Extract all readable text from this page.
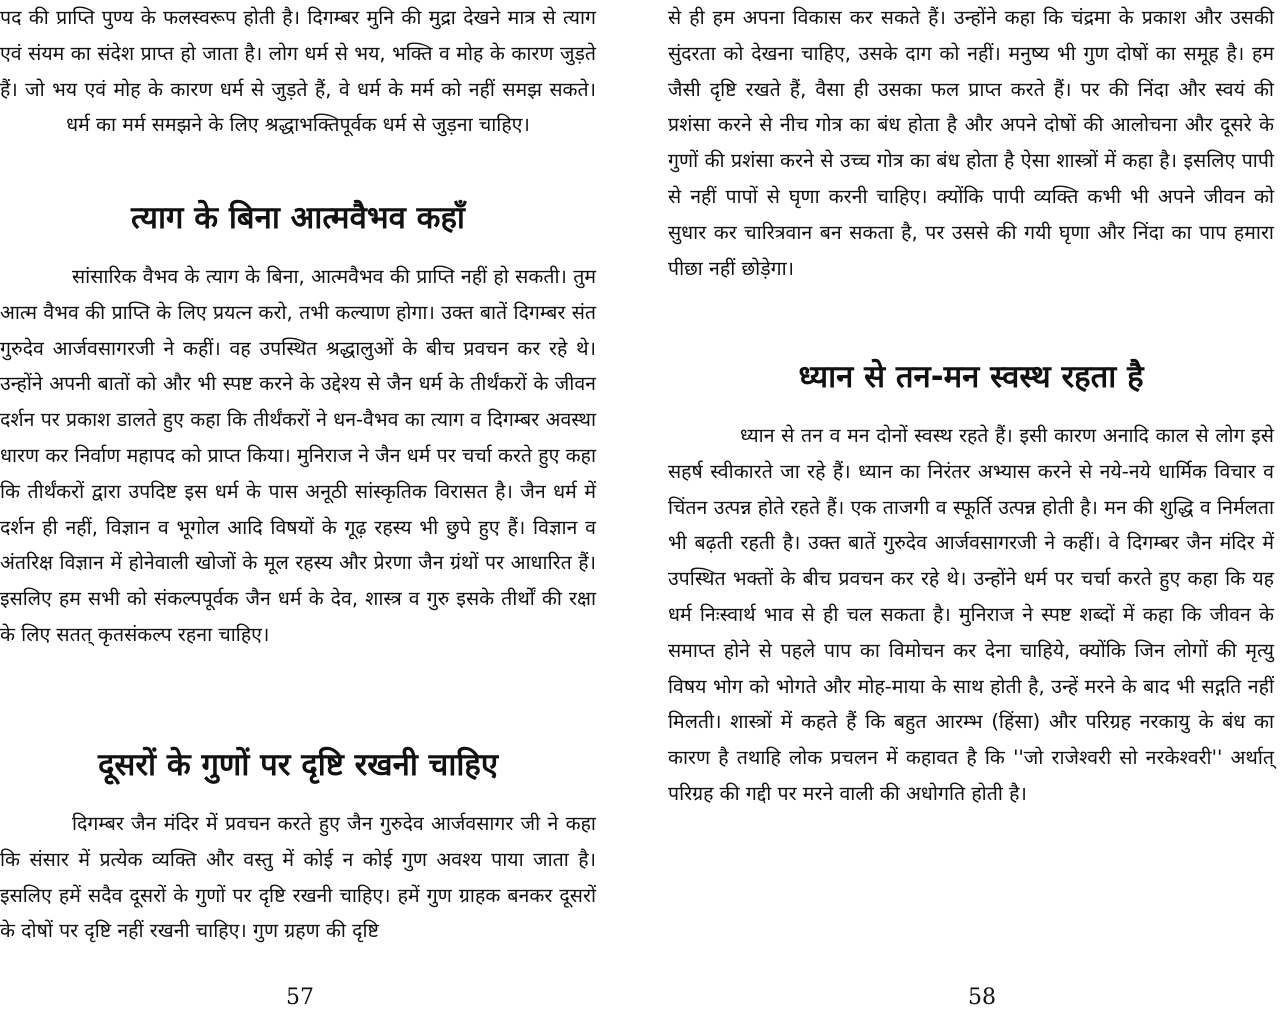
पद की प्राप्ति पुण्य के फलस्वरूप होती है। दिगम्बर मुनि की मुद्रा देखने मात्र से त्याग एवं संयम का संदेश प्राप्त हो जाता है। लोग धर्म से भय, भक्ति व मोह के कारण जुड़ते हैं। जो भय एवं मोह के कारण धर्म से जुड़ते हैं, वे धर्म के मर्म को नहीं समझ सकते। धर्म का मर्म समझने के लिए श्रद्धाभक्तिपूर्वक धर्म से जुड़ना चाहिए।

त्याग के बिना आत्मवैभव कहाँ

सांसारिक वैभव के त्याग के बिना, आत्मवैभव की प्राप्ति नहीं हो सकती। तुम आत्म वैभव की प्राप्ति के लिए प्रयत्न करो, तभी कल्याण होगा। उक्त बातें दिगम्बर संत गुरुदेव आर्जवसागरजी ने कहीं। वह उपस्थित श्रद्धालुओं के बीच प्रवचन कर रहे थे। उन्होंने अपनी बातों को और भी स्पष्ट करने के उद्देश्य से जैन धर्म के तीर्थंकरों के जीवन दर्शन पर प्रकाश डालते हुए कहा कि तीर्थंकरों ने धन-वैभव का त्याग व दिगम्बर अवस्था धारण कर निर्वाण महापद को प्राप्त किया। मुनिराज ने जैन धर्म पर चर्चा करते हुए कहा कि तीर्थंकरों द्वारा उपदिष्ट इस धर्म के पास अनूठी सांस्कृतिक विरासत है। जैन धर्म में दर्शन ही नहीं, विज्ञान व भूगोल आदि विषयों के गूढ़ रहस्य भी छुपे हुए हैं। विज्ञान व अंतरिक्ष विज्ञान में होनेवाली खोजों के मूल रहस्य और प्रेरणा जैन ग्रंथों पर आधारित हैं। इसलिए हम सभी को संकल्पपूर्वक जैन धर्म के देव, शास्त्र व गुरु इसके तीर्थों की रक्षा के लिए सतत् कृतसंकल्प रहना चाहिए।

दूसरों के गुणों पर दृष्टि रखनी चाहिए

दिगम्बर जैन मंदिर में प्रवचन करते हुए जैन गुरुदेव आर्जवसागर जी ने कहा कि संसार में प्रत्येक व्यक्ति और वस्तु में कोई न कोई गुण अवश्य पाया जाता है। इसलिए हमें सदैव दूसरों के गुणों पर दृष्टि रखनी चाहिए। हमें गुण ग्राहक बनकर दूसरों के दोषों पर दृष्टि नहीं रखनी चाहिए। गुण ग्रहण की दृष्टि

57

से ही हम अपना विकास कर सकते हैं। उन्होंने कहा कि चंद्रमा के प्रकाश और उसकी सुंदरता को देखना चाहिए, उसके दाग को नहीं। मनुष्य भी गुण दोषों का समूह है। हम जैसी दृष्टि रखते हैं, वैसा ही उसका फल प्राप्त करते हैं। पर की निंदा और स्वयं की प्रशंसा करने से नीच गोत्र का बंध होता है और अपने दोषों की आलोचना और दूसरे के गुणों की प्रशंसा करने से उच्च गोत्र का बंध होता है ऐसा शास्त्रों में कहा है। इसलिए पापी से नहीं पापों से घृणा करनी चाहिए। क्योंकि पापी व्यक्ति कभी भी अपने जीवन को सुधार कर चारित्रवान बन सकता है, पर उससे की गयी घृणा और निंदा का पाप हमारा पीछा नहीं छोड़ेगा।

ध्यान से तन-मन स्वस्थ रहता है

ध्यान से तन व मन दोनों स्वस्थ रहते हैं। इसी कारण अनादि काल से लोग इसे सहर्ष स्वीकारते जा रहे हैं। ध्यान का निरंतर अभ्यास करने से नये-नये धार्मिक विचार व चिंतन उत्पन्न होते रहते हैं। एक ताजगी व स्फूर्ति उत्पन्न होती है। मन की शुद्धि व निर्मलता भी बढ़ती रहती है। उक्त बातें गुरुदेव आर्जवसागरजी ने कहीं। वे दिगम्बर जैन मंदिर में उपस्थित भक्तों के बीच प्रवचन कर रहे थे। उन्होंने धर्म पर चर्चा करते हुए कहा कि यह धर्म निःस्वार्थ भाव से ही चल सकता है। मुनिराज ने स्पष्ट शब्दों में कहा कि जीवन के समाप्त होने से पहले पाप का विमोचन कर देना चाहिये, क्योंकि जिन लोगों की मृत्यु विषय भोग को भोगते और मोह-माया के साथ होती है, उन्हें मरने के बाद भी सद्गति नहीं मिलती। शास्त्रों में कहते हैं कि बहुत आरम्भ (हिंसा) और परिग्रह नरकायु के बंध का कारण है तथाहि लोक प्रचलन में कहावत है कि ''जो राजेश्वरी सो नरकेश्वरी'' अर्थात् परिग्रह की गद्दी पर मरने वाली की अधोगति होती है।

58
